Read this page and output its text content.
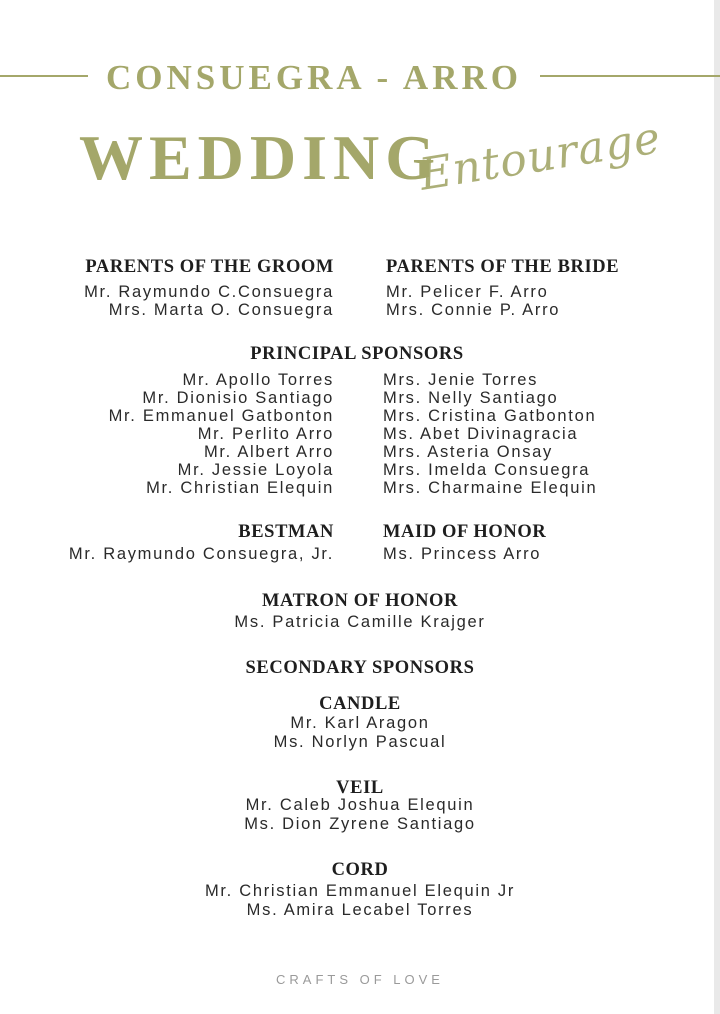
CONSUEGRA - ARRO
WEDDING
Entourage
PARENTS OF THE GROOM
Mr. Raymundo C.Consuegra
Mrs. Marta O. Consuegra
PARENTS OF THE BRIDE
Mr. Pelicer F. Arro
Mrs. Connie P. Arro
PRINCIPAL SPONSORS
Mr. Apollo Torres
Mr. Dionisio Santiago
Mr. Emmanuel Gatbonton
Mr. Perlito Arro
Mr. Albert Arro
Mr. Jessie Loyola
Mr. Christian Elequin
Mrs. Jenie Torres
Mrs. Nelly Santiago
Mrs. Cristina Gatbonton
Ms. Abet Divinagracia
Mrs. Asteria Onsay
Mrs. Imelda Consuegra
Mrs. Charmaine Elequin
BESTMAN
Mr. Raymundo Consuegra, Jr.
MAID OF HONOR
Ms. Princess Arro
MATRON OF HONOR
Ms. Patricia Camille Krajger
SECONDARY SPONSORS
CANDLE
Mr. Karl Aragon
Ms. Norlyn Pascual
VEIL
Mr. Caleb Joshua Elequin
Ms. Dion Zyrene Santiago
CORD
Mr. Christian Emmanuel Elequin Jr
Ms. Amira Lecabel Torres
CRAFTS OF LOVE
